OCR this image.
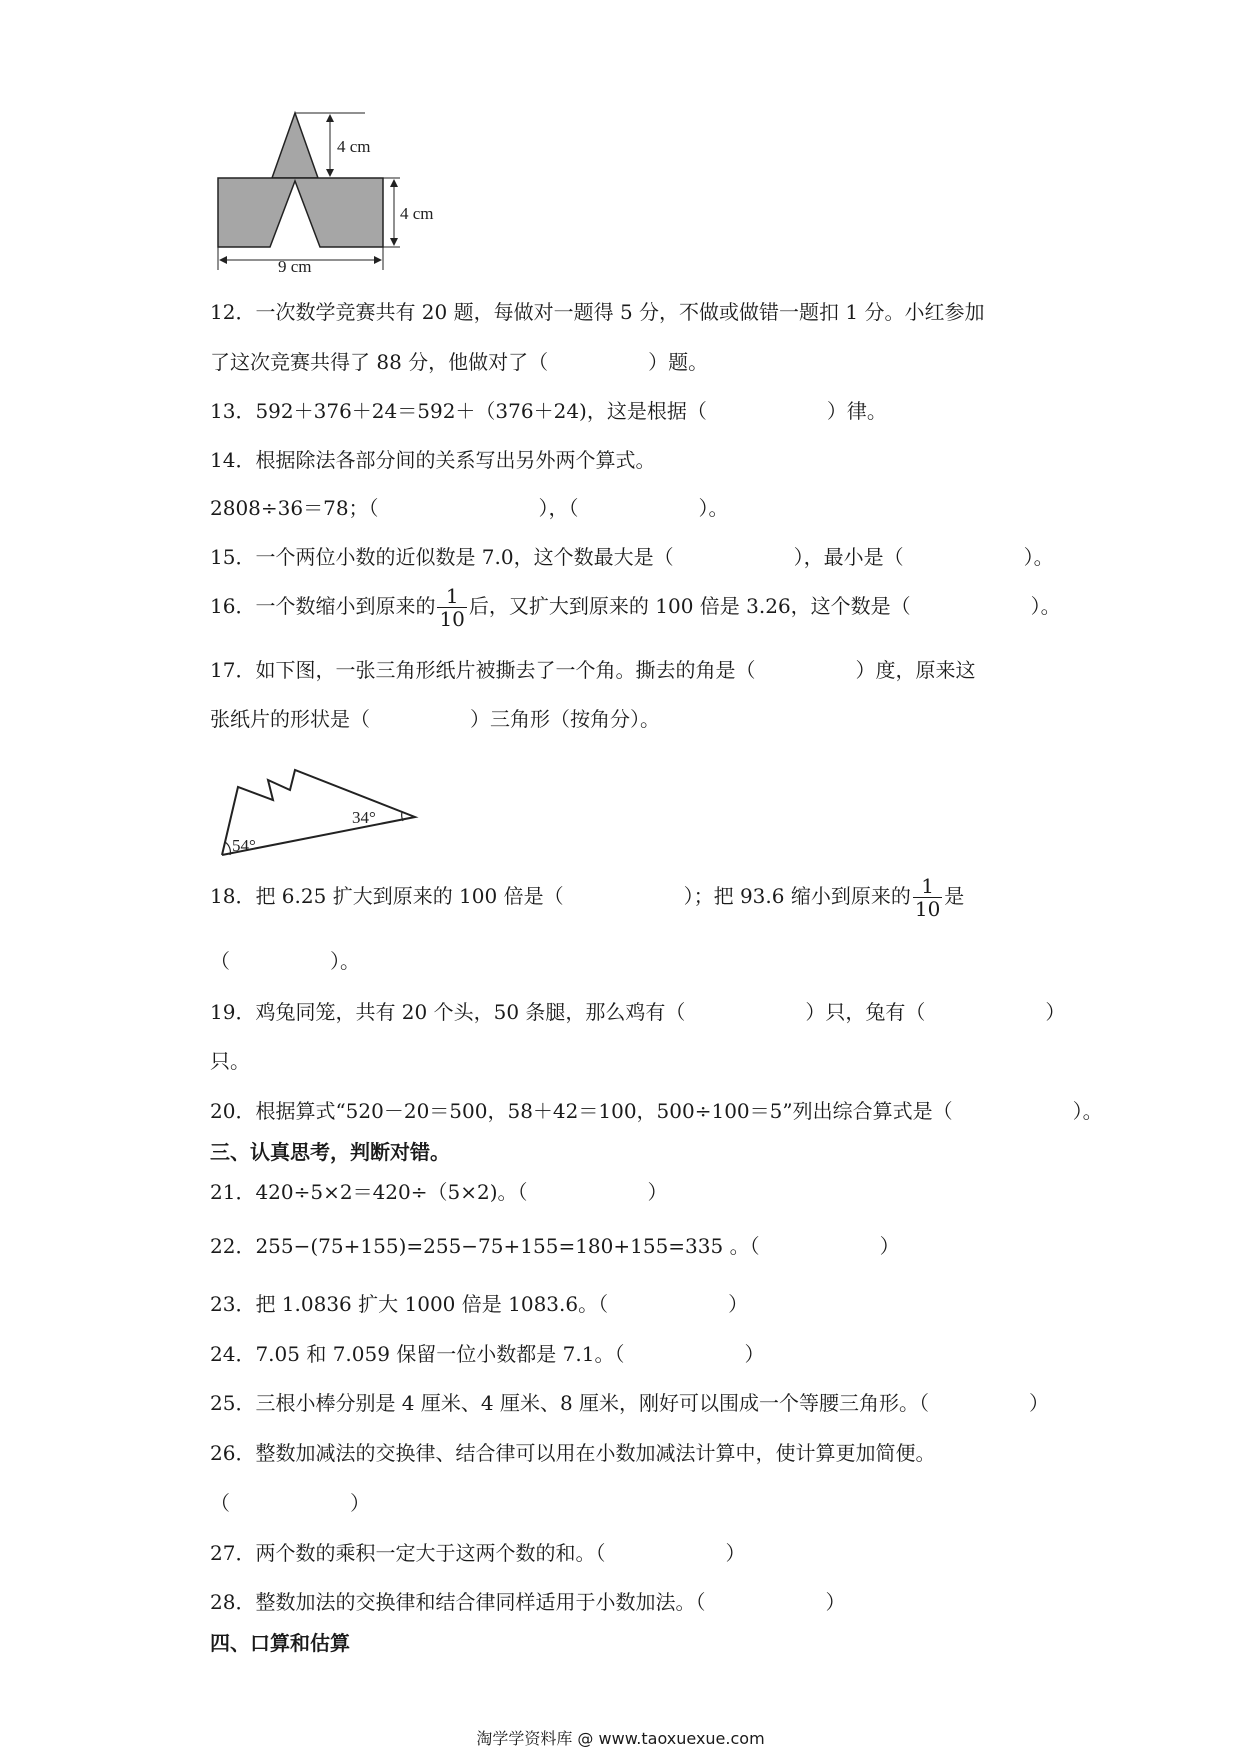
4 cm
4 cm
9 cm
12．一次数学竞赛共有 20 题，每做对一题得 5 分，不做或做错一题扣 1 分。小红参加
了这次竞赛共得了 88 分，他做对了（　　　　　）题。
13．592＋376＋24＝592＋（376＋24)，这是根据（　　　　　　）律。
14．根据除法各部分间的关系写出另外两个算式。
2808÷36＝78；（　　　　　　　　），（　　　　　　）。
15．一个两位小数的近似数是 7.0，这个数最大是（　　　　　　），最小是（　　　　　　）。
16．一个数缩小到原来的 $\frac{1}{10}$ 后，又扩大到原来的 100 倍是 3.26，这个数是（　　　　　　）。
17．如下图，一张三角形纸片被撕去了一个角。撕去的角是（　　　　　）度，原来这
张纸片的形状是（　　　　　）三角形（按角分）。
54°
34°
18．把 6.25 扩大到原来的 100 倍是（　　　　　　）；把 93.6 缩小到原来的 $\frac{1}{10}$ 是
（　　　　　）。
19．鸡兔同笼，共有 20 个头，50 条腿，那么鸡有（　　　　　　）只，兔有（　　　　　　）
只。
20．根据算式“520－20＝500，58＋42＝100，500÷100＝5”列出综合算式是（　　　　　　）。
三、认真思考，判断对错。
21．420÷5×2＝420÷（5×2)。（　　　　　　）
22．255−(75+155)=255−75+155=180+155=335 。（　　　　　　）
23．把 1.0836 扩大 1000 倍是 1083.6。（　　　　　　）
24．7.05 和 7.059 保留一位小数都是 7.1。（　　　　　　）
25．三根小棒分别是 4 厘米、4 厘米、8 厘米，刚好可以围成一个等腰三角形。（　　　　　）
26．整数加减法的交换律、结合律可以用在小数加减法计算中，使计算更加简便。
（　　　　　　）
27．两个数的乘积一定大于这两个数的和。（　　　　　　）
28．整数加法的交换律和结合律同样适用于小数加法。（　　　　　　）
四、口算和估算
淘学学资料库 @ www.taoxuexue.com
